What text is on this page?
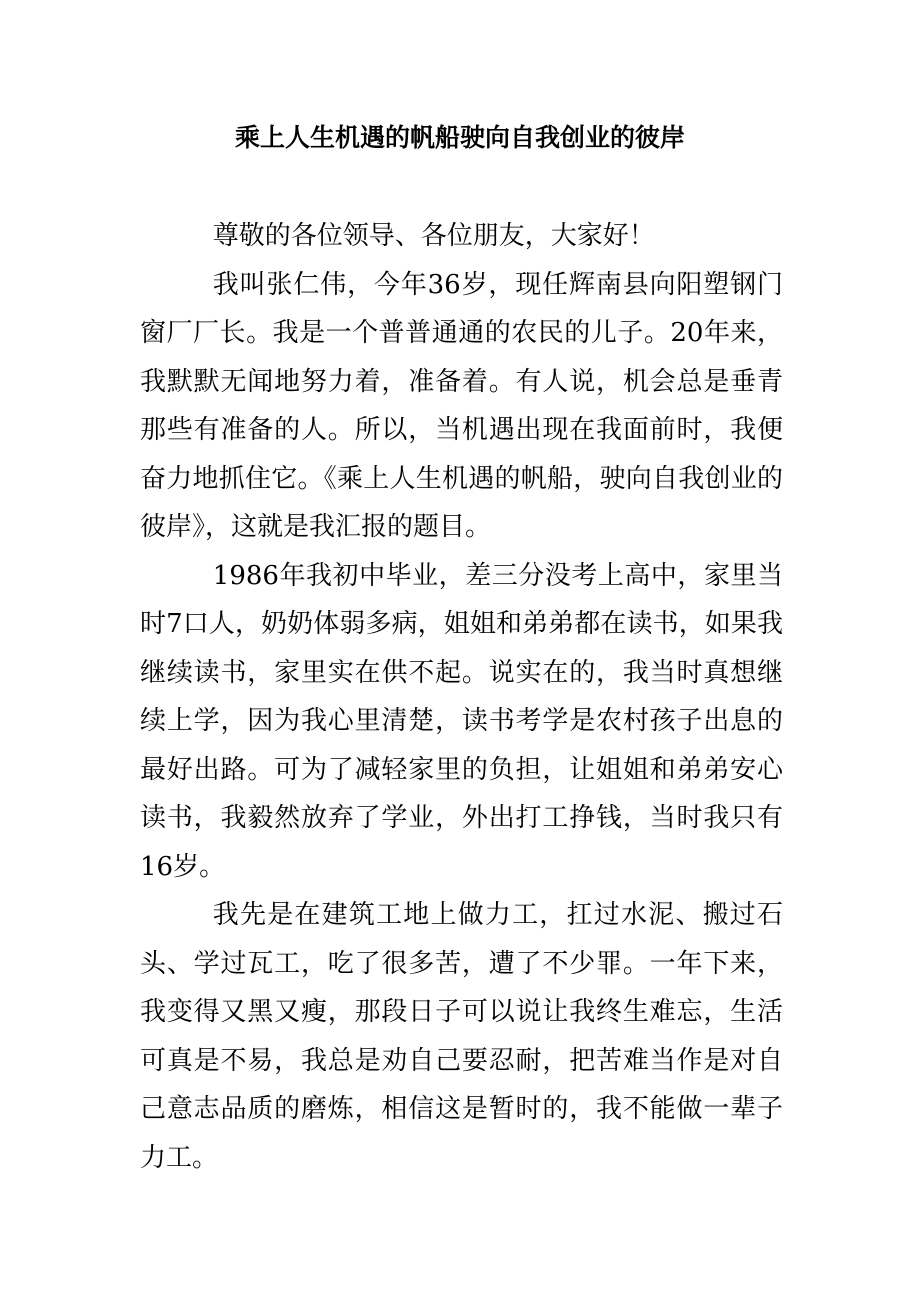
乘上人生机遇的帆船驶向自我创业的彼岸

尊敬的各位领导、各位朋友，大家好！

我叫张仁伟，今年36岁，现任辉南县向阳塑钢门窗厂厂长。我是一个普普通通的农民的儿子。20年来，我默默无闻地努力着，准备着。有人说，机会总是垂青那些有准备的人。所以，当机遇出现在我面前时，我便奋力地抓住它。《乘上人生机遇的帆船，驶向自我创业的彼岸》，这就是我汇报的题目。

1986年我初中毕业，差三分没考上高中，家里当时7口人，奶奶体弱多病，姐姐和弟弟都在读书，如果我继续读书，家里实在供不起。说实在的，我当时真想继续上学，因为我心里清楚，读书考学是农村孩子出息的最好出路。可为了减轻家里的负担，让姐姐和弟弟安心读书，我毅然放弃了学业，外出打工挣钱，当时我只有16岁。

我先是在建筑工地上做力工，扛过水泥、搬过石头、学过瓦工，吃了很多苦，遭了不少罪。一年下来，我变得又黑又瘦，那段日子可以说让我终生难忘，生活可真是不易，我总是劝自己要忍耐，把苦难当作是对自己意志品质的磨炼，相信这是暂时的，我不能做一辈子力工。
